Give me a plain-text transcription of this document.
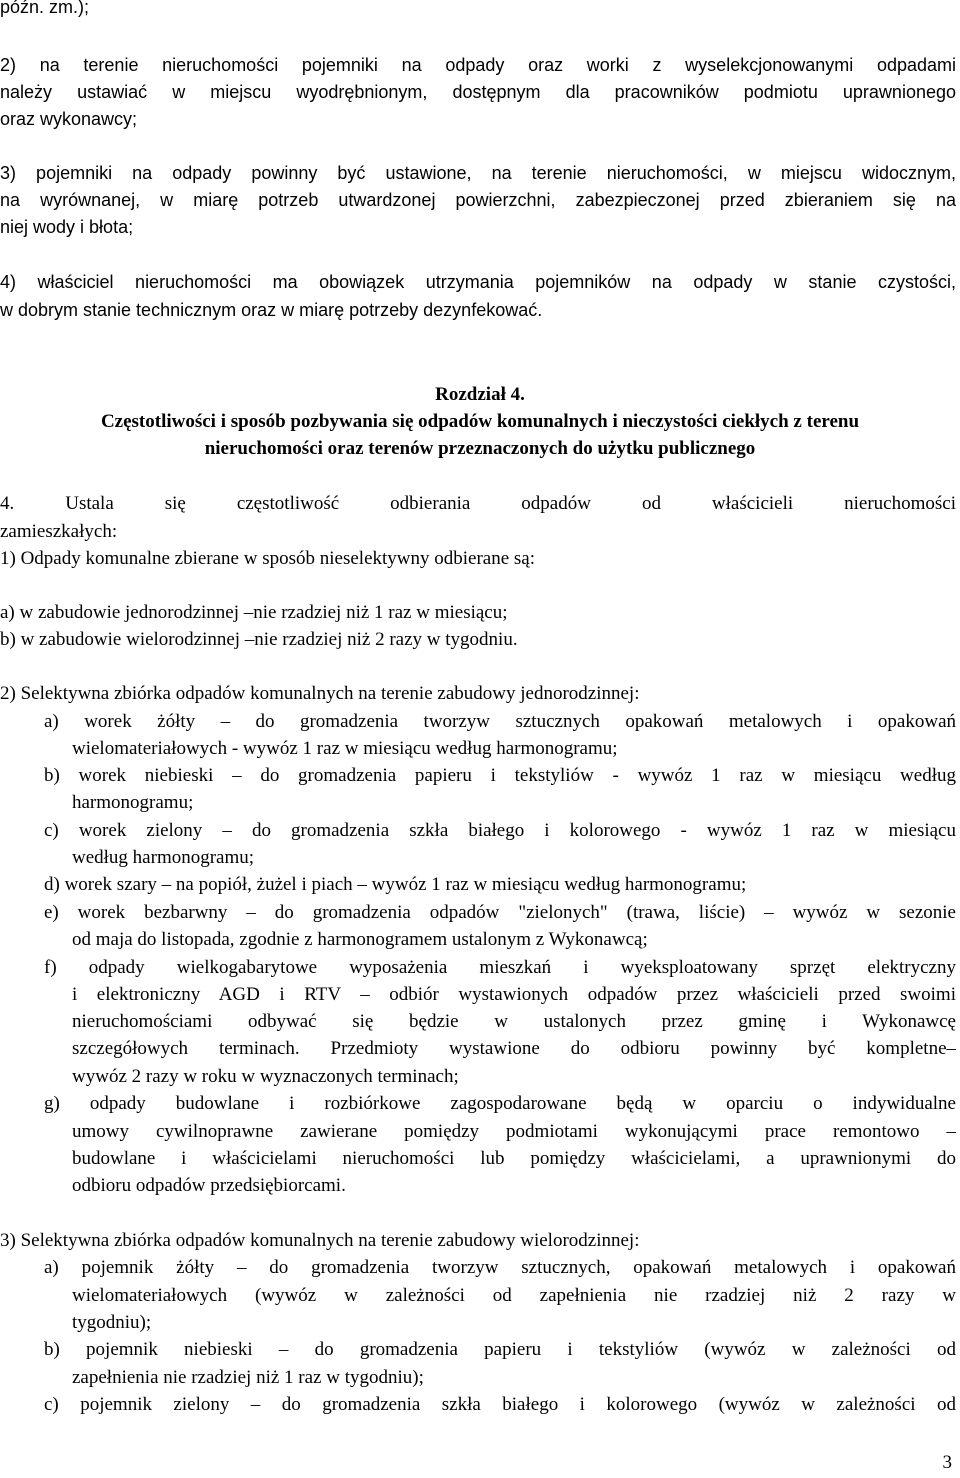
późn. zm.);
2) na terenie nieruchomości pojemniki na odpady oraz worki z wyselekcjonowanymi odpadami
należy ustawiać w miejscu wyodrębnionym, dostępnym dla pracowników podmiotu uprawnionego
oraz wykonawcy;
3) pojemniki na odpady powinny być ustawione, na terenie nieruchomości, w miejscu widocznym,
na wyrównanej, w miarę potrzeb utwardzonej powierzchni, zabezpieczonej przed zbieraniem się na
niej wody i błota;
4) właściciel nieruchomości ma obowiązek utrzymania pojemników na odpady w stanie czystości,
w dobrym stanie technicznym oraz w miarę potrzeby dezynfekować.
Rozdział 4.
Częstotliwości i sposób pozbywania się odpadów komunalnych i nieczystości ciekłych z terenu
nieruchomości oraz terenów przeznaczonych do użytku publicznego
4. Ustala się częstotliwość odbierania odpadów od właścicieli nieruchomości
zamieszkałych:
1) Odpady komunalne zbierane w sposób nieselektywny odbierane są:
a) w zabudowie jednorodzinnej –nie rzadziej niż 1 raz w miesiącu;
b) w zabudowie wielorodzinnej –nie rzadziej niż 2 razy w tygodniu.
2) Selektywna zbiórka odpadów komunalnych na terenie zabudowy jednorodzinnej:
a) worek żółty – do gromadzenia tworzyw sztucznych opakowań metalowych i opakowań
wielomateriałowych - wywóz 1 raz w miesiącu według harmonogramu;
b) worek niebieski – do gromadzenia papieru i tekstyliów - wywóz 1 raz w miesiącu według
harmonogramu;
c) worek zielony – do gromadzenia szkła białego i kolorowego - wywóz 1 raz w miesiącu
według harmonogramu;
d) worek szary – na popiół, żużel i piach – wywóz 1 raz w miesiącu według harmonogramu;
e) worek bezbarwny – do gromadzenia odpadów "zielonych" (trawa, liście) – wywóz w sezonie
od maja do listopada, zgodnie z harmonogramem ustalonym z Wykonawcą;
f) odpady wielkogabarytowe wyposażenia mieszkań i wyeksploatowany sprzęt elektryczny
i elektroniczny AGD i RTV – odbiór wystawionych odpadów przez właścicieli przed swoimi
nieruchomościami odbywać się będzie w ustalonych przez gminę i Wykonawcę
szczegółowych terminach. Przedmioty wystawione do odbioru powinny być kompletne–
wywóz 2 razy w roku w wyznaczonych terminach;
g) odpady budowlane i rozbiórkowe zagospodarowane będą w oparciu o indywidualne
umowy cywilnoprawne zawierane pomiędzy podmiotami wykonującymi prace remontowo –
budowlane i właścicielami nieruchomości lub pomiędzy właścicielami, a uprawnionymi do
odbioru odpadów przedsiębiorcami.
3) Selektywna zbiórka odpadów komunalnych na terenie zabudowy wielorodzinnej:
a) pojemnik żółty – do gromadzenia tworzyw sztucznych, opakowań metalowych i opakowań
wielomateriałowych (wywóz w zależności od zapełnienia nie rzadziej niż 2 razy w
tygodniu);
b) pojemnik niebieski – do gromadzenia papieru i tekstyliów (wywóz w zależności od
zapełnienia nie rzadziej niż 1 raz w tygodniu);
c) pojemnik zielony – do gromadzenia szkła białego i kolorowego (wywóz w zależności od
3
